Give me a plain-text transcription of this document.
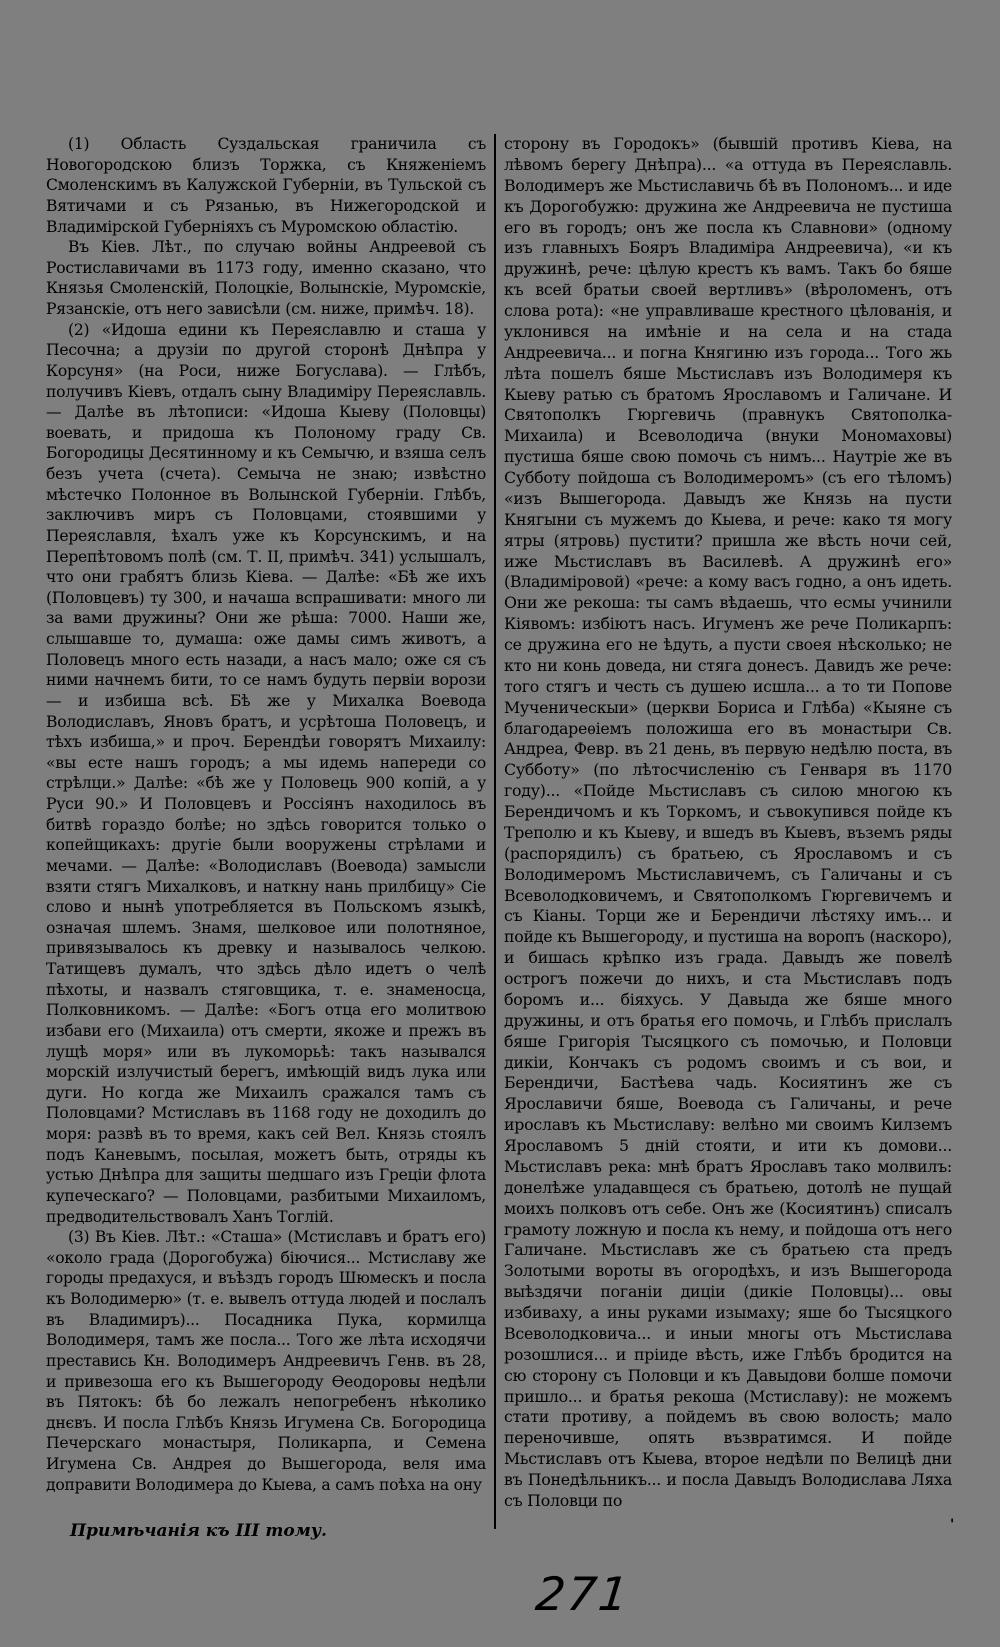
(1) Область Суздальская граничила съ Новогородскою близъ Торжка, съ Княженіемъ Смоленскимъ въ Калужской Губерніи, въ Тульской съ Вятичами и съ Рязанью, въ Нижегородской и Владимірской Губерніяхъ съ Муромскою областію.

Въ Кіев. Лѣт., по случаю войны Андреевой съ Ростиславичами въ 1173 году, именно сказано, что Князья Смоленскій, Полоцкіе, Волынскіе, Муромскіе, Рязанскіе, отъ него зависѣли (см. ниже, примѣч. 18).

(2) «Идоша едини къ Переяславлю и сташа у Песочна; а друзіи по другой сторонѣ Днѣпра у Корсуня» (на Роси, ниже Богуслава). — Глѣбъ, получивъ Кіевъ, отдалъ сыну Владиміру Переяславль. — Далѣе въ лѣтописи: «Идоша Кыеву (Половцы) воевать, и придоша къ Полоному граду Св. Богородицы Десятинному и къ Семычю, и взяша селъ безъ учета (счета). Семыча не знаю; извѣстно мѣстечко Полонное въ Волынской Губерніи. Глѣбъ, заключивъ миръ съ Половцами, стоявшими у Переяславля, ѣхалъ уже къ Корсунскимъ, и на Перепѣтовомъ полѣ (см. Т. II, примѣч. 341) услышалъ, что они грабятъ близь Кіева. — Далѣе: «Бѣ же ихъ (Половцевъ) ту 300, и начаша вспрашивати: много ли за вами дружины? Они же рѣша: 7000. Наши же, слышавше то, думаша: оже дамы симъ животъ, а Половецъ много есть назади, а насъ мало; оже ся съ ними начнемъ бити, то се намъ будуть первіи ворози — и избиша всѣ. Бѣ же у Михалка Воевода Володиславъ, Яновъ братъ, и усрѣтоша Половецъ, и тѣхъ избиша,» и проч. Берендѣи говорятъ Михаилу: «вы есте нашъ городъ; а мы идемь напереди со стрѣлци.» Далѣе: «бѣ же у Половець 900 копій, а у Руси 90.» И Половцевъ и Россіянъ находилось въ битвѣ гораздо болѣе; но здѣсь говорится только о копейщикахъ: другіе были вооружены стрѣлами и мечами. — Далѣе: «Володиславъ (Воевода) замысли взяти стягъ Михалковъ, и наткну нань прилбицу» Сіе слово и нынѣ употребляется въ Польскомъ языкѣ, означая шлемъ. Знамя, шелковое или полотняное, привязывалось къ древку и называлось челкою. Татищевъ думалъ, что здѣсь дѣло идетъ о челѣ пѣхоты, и назвалъ стяговщика, т. е. знаменосца, Полковникомъ. — Далѣе: «Богъ отца его молитвою избави его (Михаила) отъ смерти, якоже и прежъ въ лущѣ моря» или въ лукоморьѣ: такъ назывался морскій излучистый берегъ, имѣющій видъ лука или дуги. Но когда же Михаилъ сражался тамъ съ Половцами? Мстиславъ въ 1168 году не доходилъ до моря: развѣ въ то время, какъ сей Вел. Князь стоялъ подъ Каневымъ, посылая, можетъ быть, отряды къ устью Днѣпра для защиты шедшаго изъ Греціи флота купеческаго? — Половцами, разбитыми Михаиломъ, предводительствовалъ Ханъ Тоглій.

(3) Въ Кіев. Лѣт.: «Сташа» (Мстиславъ и братъ его) «около града (Дорогобужа) біючися... Мстиславу же городы предахуся, и въѣздъ городъ Шюмескъ и посла къ Володимерю» (т. е. вывелъ оттуда людей и послалъ въ Владимиръ)... Посадника Пука, кормилца Володимеря, тамъ же посла... Того же лѣта исходячи преставись Кн. Володимеръ Андреевичъ Генв. въ 28, и привезоша его къ Вышегороду Ѳеодоровы недѣли въ Пятокъ: бѣ бо лежалъ непогребенъ нѣколико днєвъ. И посла Глѣбъ Князь Игумена Св. Богородица Печерскаго монастыря, Поликарпа, и Семена Игумена Св. Андрея до Вышегорода, веля има допрaвити Володимера до Кыева, а самъ поѣха на ону

сторону въ Городокъ» (бывшій противъ Кіева, на лѣвомъ берегу Днѣпра)... «а оттуда въ Переяславль. Володимеръ же Мьстиславичь бѣ въ Полономъ... и иде къ Дорогобужю: дружина же Андреевича не пустиша его въ городъ; онъ же посла къ Славнови» (одному изъ главныхъ Бояръ Владиміра Андреевича), «и къ дружинѣ, рече: цѣлую крестъ къ вамъ. Такъ бо бяше къ всей братьи своей вертливъ» (вѣроломенъ, отъ слова рота): «не управливаше крестного цѣлованія, и уклонився на имѣніе и на села и на стада Андреевича... и погна Княгиню изъ города... Того жь лѣта пошелъ бяше Мьстиславъ изъ Володимеря къ Кыеву ратью съ братомъ Ярославомъ и Галичане. И Святополкъ Гюргевичь (правнукъ Святополка-Михаила) и Всеволодича (внуки Мономаховы) пустиша бяше свою помочь съ нимъ... Наутріе же въ Субботу пойдоша съ Володимеромъ» (съ его тѣломъ) «изъ Вышегорода. Давыдъ же Князь на пусти Княгыни съ мужемъ до Кыева, и рече: како тя могу ятры (ятровь) пустити? пришла же вѣсть ночи сей, иже Мьстиславъ въ Василевѣ. А дружинѣ его» (Владиміровой) «рече: а кому васъ годно, а онъ идеть. Они же рекоша: ты самъ вѣдаешь, что есмы учинили Кіявомъ: избіютъ насъ. Игуменъ же рече Поликарпъ: се дружина его не ѣдуть, а пусти своея нѣсколько; не кто ни конь довeда, ни стяга донесъ. Давидъ же рече: того стягъ и честь съ душею исшла... а то ти Попове Мученическыи» (церкви Бориса и Глѣба) «Кыяне съ благодареѳіемъ положиша его въ монастыри Св. Андреа, Февр. въ 21 день, въ первую недѣлю поста, въ Субботу» (по лѣтосчисленію съ Генваря въ 1170 году)... «Пойде Мьстиславъ съ силою многою къ Берендичомъ и къ Торкомъ, и съвокупився пойде къ Треполю и къ Кыеву, и вшедъ въ Кыевъ, въземъ ряды (распорядилъ) съ братьею, съ Ярославомъ и съ Володимеромъ Мьстиславичемъ, съ Галичаны и съ Всеволодковичемъ, и Святополкомъ Гюргевичемъ и съ Кіаны. Торци же и Берендичи лѣстяху имъ... и пойде къ Вышегороду, и пустиша на воропъ (наскоро), и бишась крѣпко изъ града. Давыдъ же повелѣ острогъ пожечи до нихъ, и ста Мьстиславъ подъ боромъ и... біяхусь. У Давыда же бяше много дружины, и отъ братья его помочь, и Глѣбъ прислалъ бяше Григорія Тысяцкого съ помочью, и Половци дикіи, Кончакъ съ родомъ своимъ и съ вои, и Берендичи, Бастѣева чадь. Косиятинъ же съ Ярославичи бяше, Воевода съ Галичаны, и рече ирославъ къ Мьстиславу: велѣно ми своимъ Килземъ Ярославомъ 5 днiй стояти, и ити къ домови... Мьстиславъ река: мнѣ братъ Ярославъ тако молвилъ: донелѣже уладавщеся съ братьею, дотолѣ не пущай моихъ полковъ отъ себе. Онъ же (Косиятинъ) списалъ грамоту ложную и посла къ нему, и пойдоша отъ него Галичане. Мьстиславъ же съ братьею ста предъ Золотыми вороты въ огородѣхъ, и изъ Вышегорода выѣздячи поганіи диціи (дикіе Половцы)... овы избиваху, а ины руками изымаху; яше бо Тысяцкого Всеволодковича... и иныи многы отъ Мьстислава розошлися... и пріиде вѣсть, иже Глѣбъ бродится на сю сторону съ Половци и къ Давыдови болше помочи пришло... и братья рекоша (Мстиславу): не можемъ стати противу, а пойдемъ въ свою волость; мало переночивше, опять възвратимся. И пойде Мьстиславъ отъ Кыева, второе недѣли по Велицѣ дни въ Понедѣльникъ... и посла Давыдъ Володислава Ляха съ Половци по

Примѣчанія къ III тому.	'
271
